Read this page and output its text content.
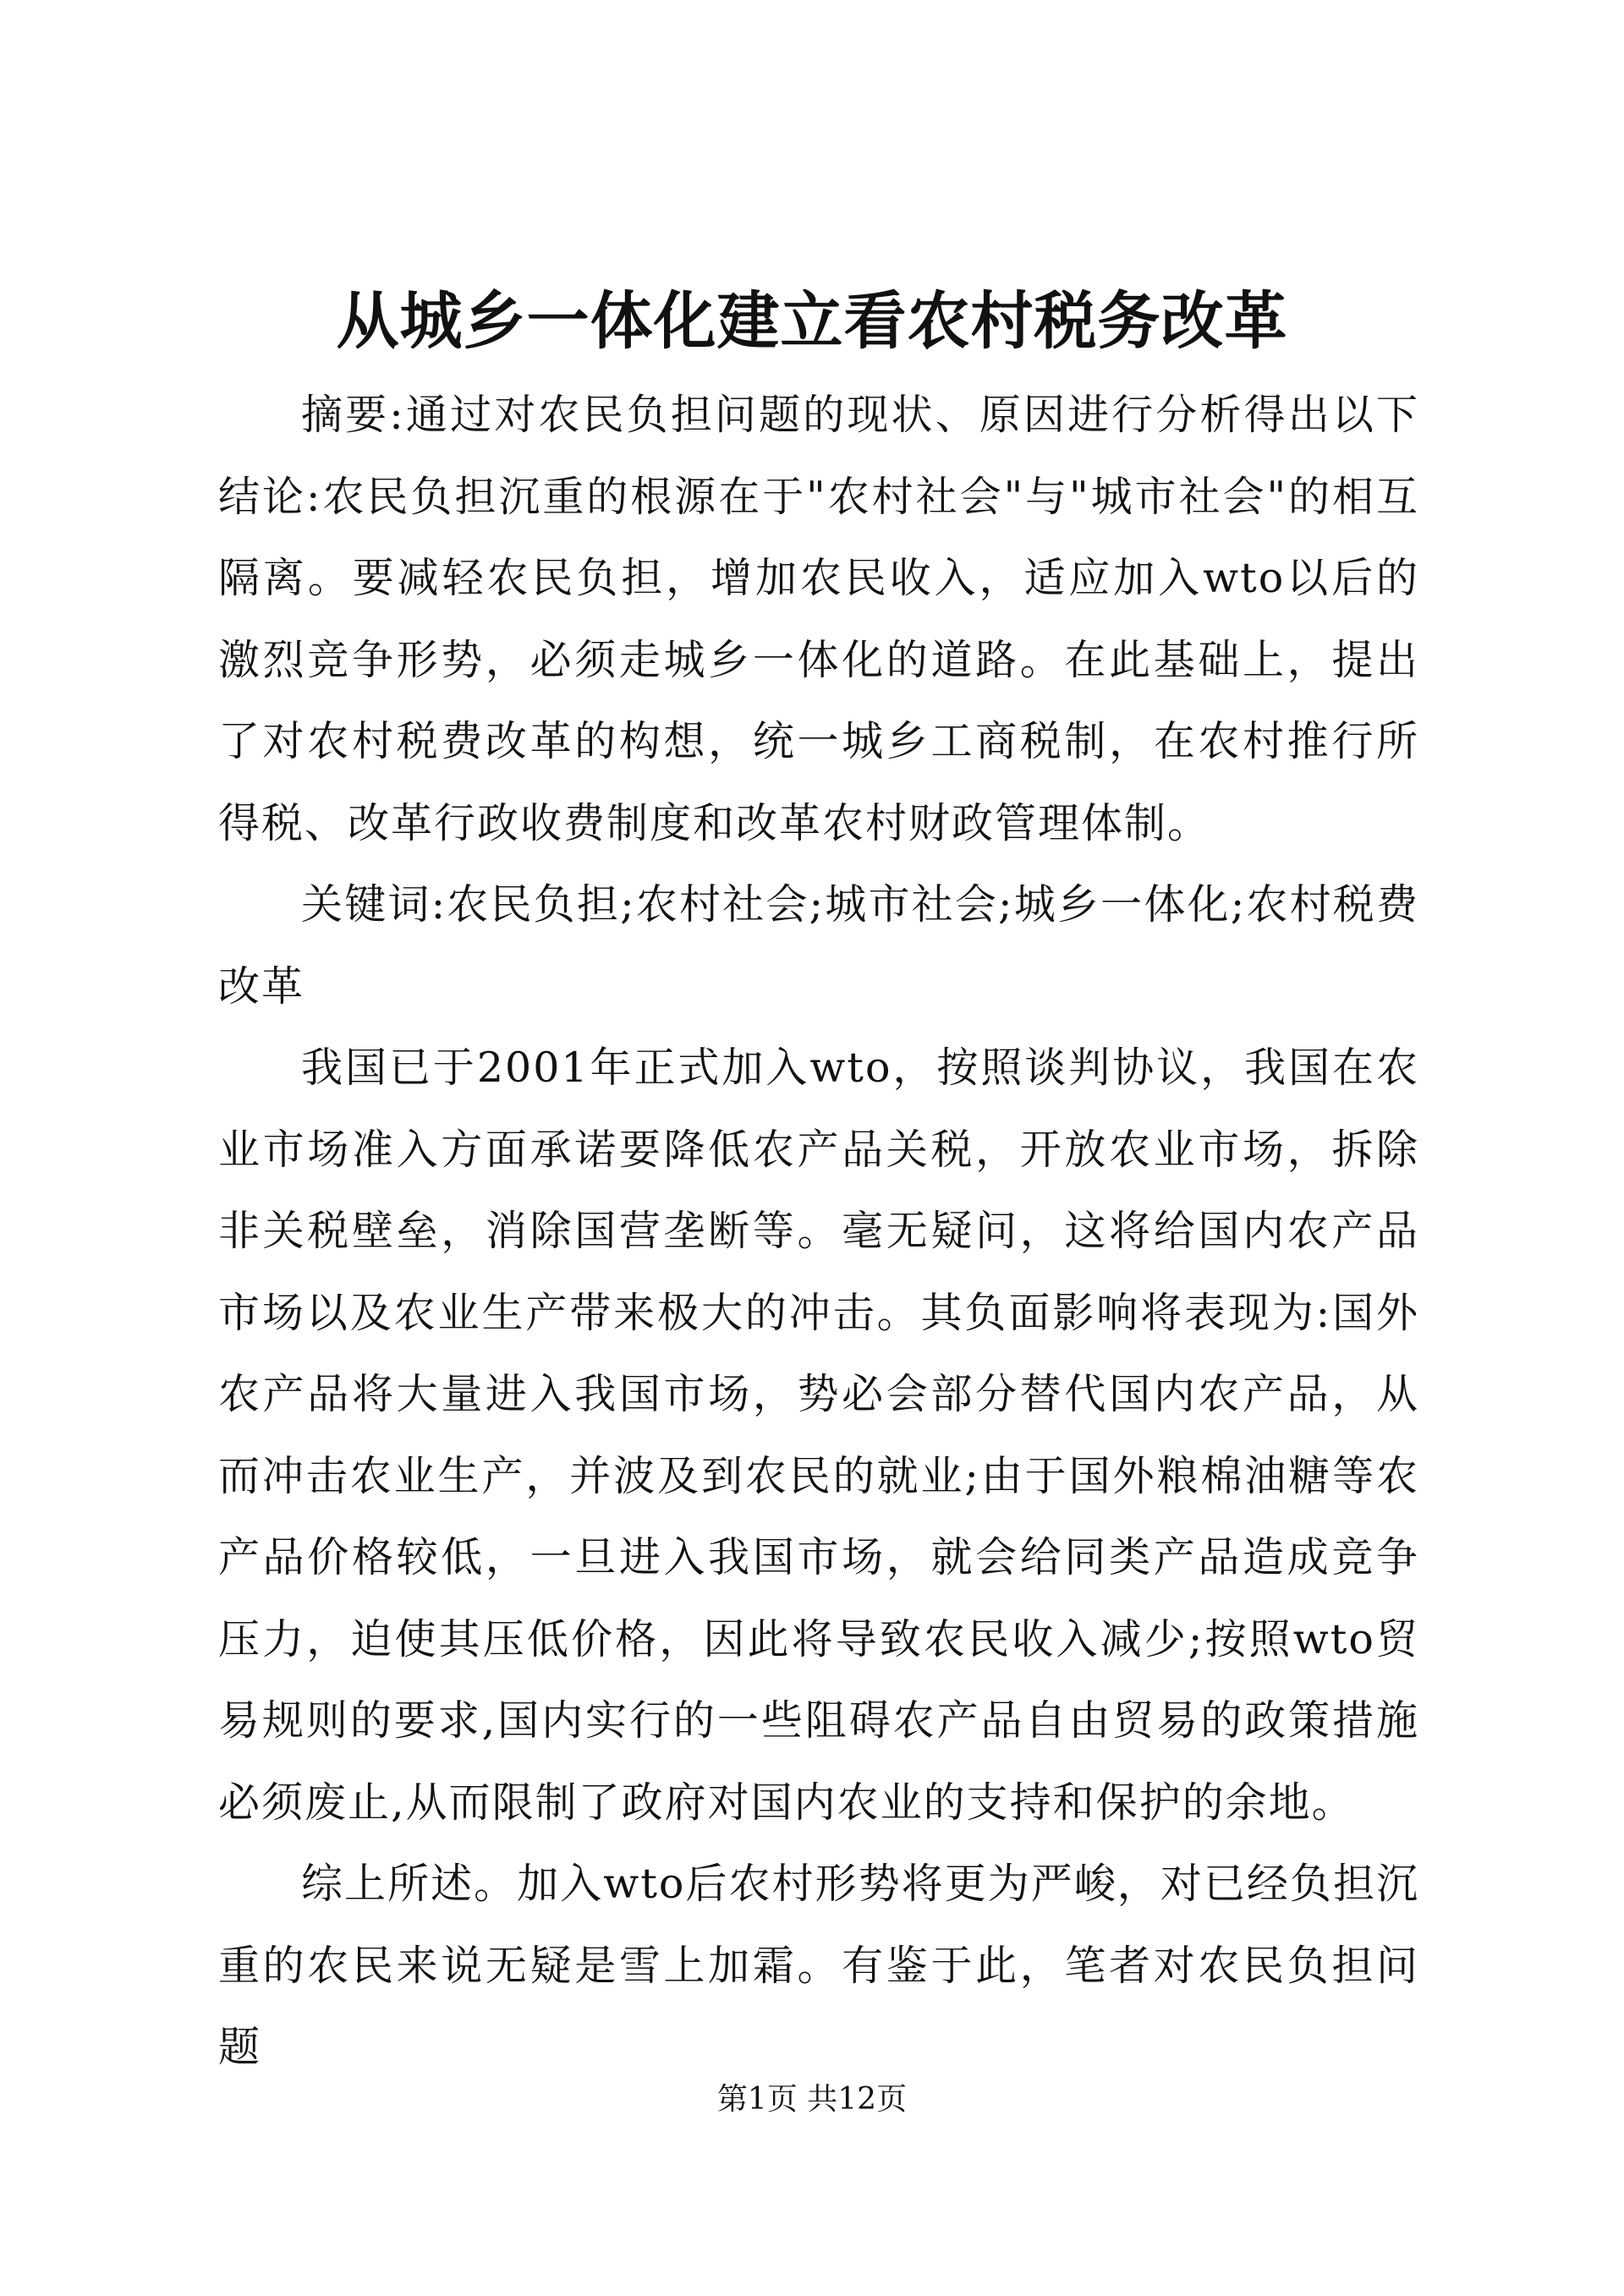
从城乡一体化建立看农村税务改革

摘要:通过对农民负担问题的现状、原因进行分析得出以下结论:农民负担沉重的根源在于"农村社会"与"城市社会"的相互隔离。要减轻农民负担，增加农民收入，适应加入wto以后的激烈竞争形势，必须走城乡一体化的道路。在此基础上，提出了对农村税费改革的构想，统一城乡工商税制，在农村推行所得税、改革行政收费制度和改革农村财政管理体制。

关键词:农民负担;农村社会;城市社会;城乡一体化;农村税费改革

我国已于2001年正式加入wto，按照谈判协议，我国在农业市场准入方面承诺要降低农产品关税，开放农业市场，拆除非关税壁垒，消除国营垄断等。毫无疑问，这将给国内农产品市场以及农业生产带来极大的冲击。其负面影响将表现为:国外农产品将大量进入我国市场，势必会部分替代国内农产品，从而冲击农业生产，并波及到农民的就业;由于国外粮棉油糖等农产品价格较低，一旦进入我国市场，就会给同类产品造成竞争压力，迫使其压低价格，因此将导致农民收入减少;按照wto贸易规则的要求,国内实行的一些阻碍农产品自由贸易的政策措施必须废止,从而限制了政府对国内农业的支持和保护的余地。

综上所述。加入wto后农村形势将更为严峻，对已经负担沉重的农民来说无疑是雪上加霜。有鉴于此，笔者对农民负担问题

第1页 共12页
